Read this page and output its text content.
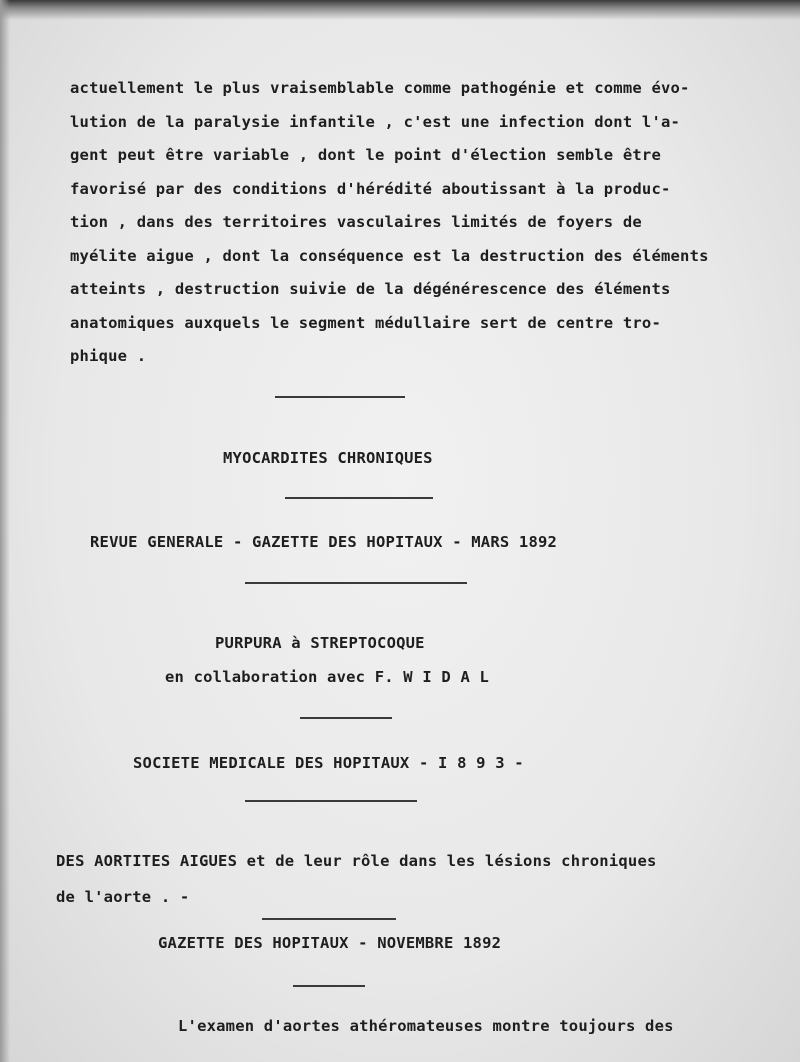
actuellement le plus vraisemblable comme pathogénie et comme évo-
lution de la paralysie infantile , c'est une infection dont l'a-
gent peut être variable , dont le point d'élection semble être
favorisé par des conditions d'hérédité aboutissant à la produc-
tion , dans des territoires vasculaires limités de foyers de
myélite aigue , dont la conséquence est la destruction des éléments
atteints , destruction suivie de la dégénérescence des éléments
anatomiques auxquels le segment médullaire sert de centre tro-
phique .
MYOCARDITES CHRONIQUES
REVUE GENERALE - GAZETTE DES HOPITAUX - MARS 1892
PURPURA à STREPTOCOQUE
en collaboration avec F. W I D A L
SOCIETE MEDICALE DES HOPITAUX - I 8 9 3 -
DES AORTITES AIGUES et de leur rôle dans les lésions chroniques
de l'aorte . -
GAZETTE DES HOPITAUX - NOVEMBRE 1892
L'examen d'aortes athéromateuses montre toujours des
